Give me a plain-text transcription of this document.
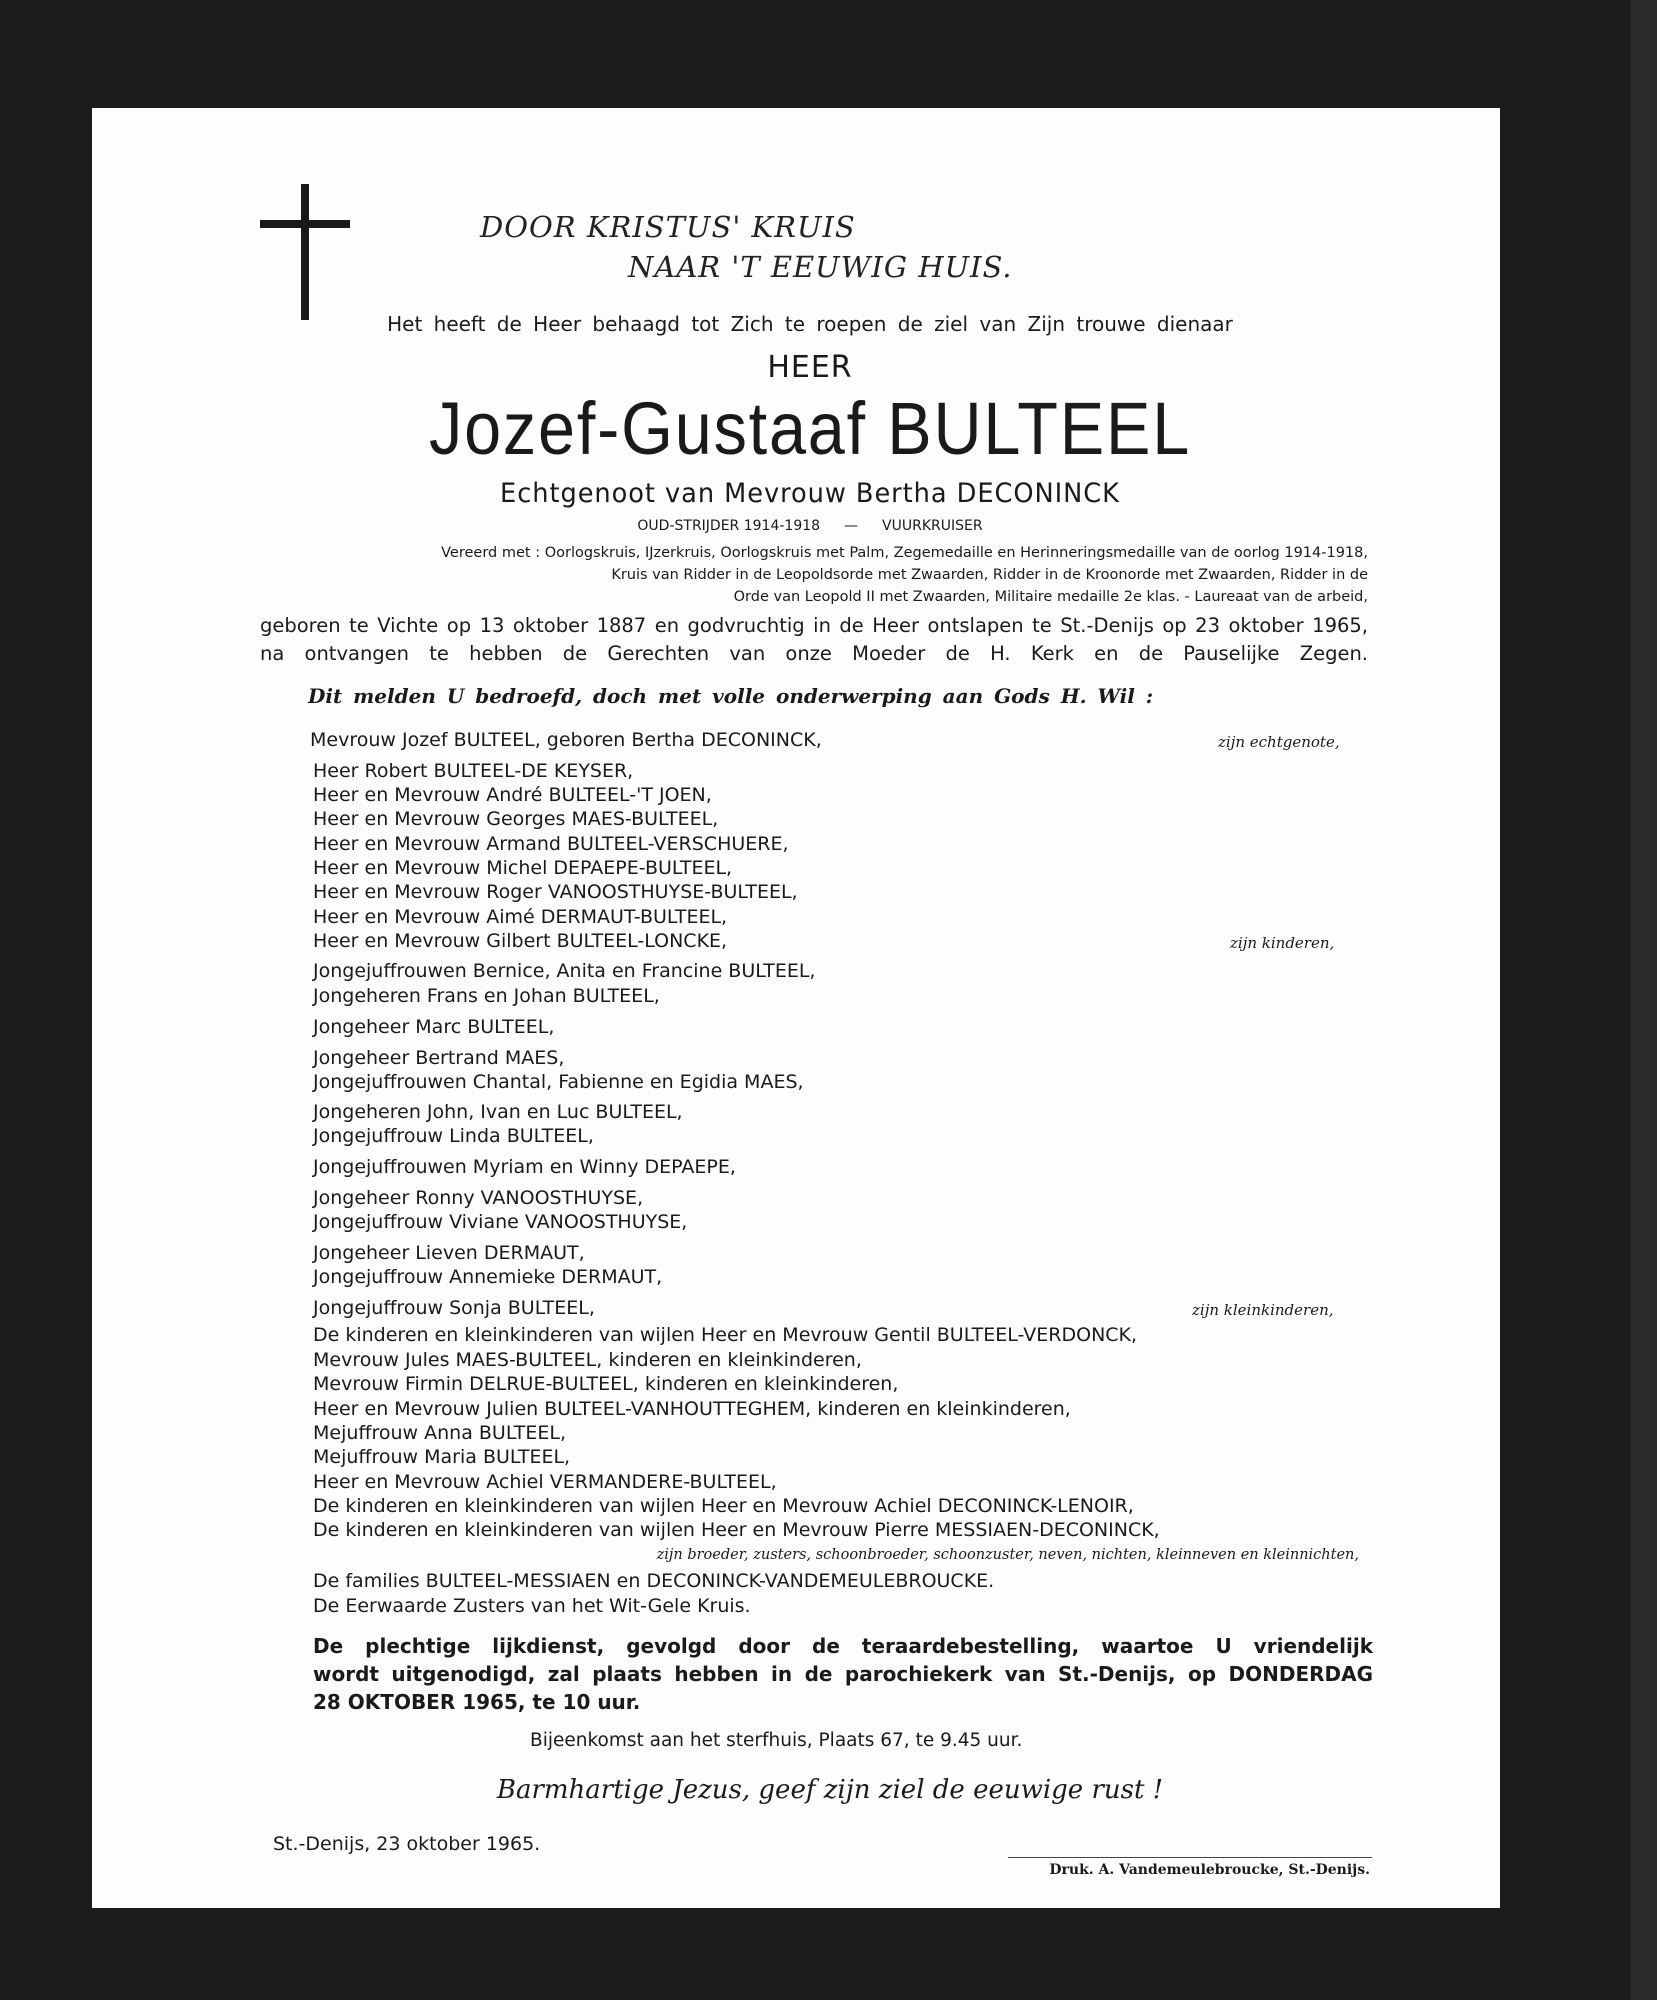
DOOR KRISTUS' KRUIS
NAAR 'T EEUWIG HUIS.
Het heeft de Heer behaagd tot Zich te roepen de ziel van Zijn trouwe dienaar
HEER
Jozef-Gustaaf BULTEEL
Echtgenoot van Mevrouw Bertha DECONINCK
OUD-STRIJDER 1914-1918 — VUURKRUISER
Vereerd met : Oorlogskruis, IJzerkruis, Oorlogskruis met Palm, Zegemedaille en Herinneringsmedaille van de oorlog 1914-1918,
Kruis van Ridder in de Leopoldsorde met Zwaarden, Ridder in de Kroonorde met Zwaarden, Ridder in de
Orde van Leopold II met Zwaarden, Militaire medaille 2e klas. - Laureaat van de arbeid,
geboren te Vichte op 13 oktober 1887 en godvruchtig in de Heer ontslapen te St.-Denijs op 23 oktober 1965,
na ontvangen te hebben de Gerechten van onze Moeder de H. Kerk en de Pauselijke Zegen.
Dit melden U bedroefd, doch met volle onderwerping aan Gods H. Wil :
Mevrouw Jozef BULTEEL, geboren Bertha DECONINCK,	zijn echtgenote,
Heer Robert BULTEEL-DE KEYSER,
Heer en Mevrouw André BULTEEL-'T JOEN,
Heer en Mevrouw Georges MAES-BULTEEL,
Heer en Mevrouw Armand BULTEEL-VERSCHUERE,
Heer en Mevrouw Michel DEPAEPE-BULTEEL,
Heer en Mevrouw Roger VANOOSTHUYSE-BULTEEL,
Heer en Mevrouw Aimé DERMAUT-BULTEEL,
Heer en Mevrouw Gilbert BULTEEL-LONCKE,	zijn kinderen,
Jongejuffrouwen Bernice, Anita en Francine BULTEEL,
Jongeheren Frans en Johan BULTEEL,
Jongeheer Marc BULTEEL,
Jongeheer Bertrand MAES,
Jongejuffrouwen Chantal, Fabienne en Egidia MAES,
Jongeheren John, Ivan en Luc BULTEEL,
Jongejuffrouw Linda BULTEEL,
Jongejuffrouwen Myriam en Winny DEPAEPE,
Jongeheer Ronny VANOOSTHUYSE,
Jongejuffrouw Viviane VANOOSTHUYSE,
Jongeheer Lieven DERMAUT,
Jongejuffrouw Annemieke DERMAUT,
Jongejuffrouw Sonja BULTEEL,	zijn kleinkinderen,
De kinderen en kleinkinderen van wijlen Heer en Mevrouw Gentil BULTEEL-VERDONCK,
Mevrouw Jules MAES-BULTEEL, kinderen en kleinkinderen,
Mevrouw Firmin DELRUE-BULTEEL, kinderen en kleinkinderen,
Heer en Mevrouw Julien BULTEEL-VANHOUTTEGHEM, kinderen en kleinkinderen,
Mejuffrouw Anna BULTEEL,
Mejuffrouw Maria BULTEEL,
Heer en Mevrouw Achiel VERMANDERE-BULTEEL,
De kinderen en kleinkinderen van wijlen Heer en Mevrouw Achiel DECONINCK-LENOIR,
De kinderen en kleinkinderen van wijlen Heer en Mevrouw Pierre MESSIAEN-DECONINCK,
zijn broeder, zusters, schoonbroeder, schoonzuster, neven, nichten, kleinneven en kleinnichten,
De families BULTEEL-MESSIAEN en DECONINCK-VANDEMEULEBROUCKE.
De Eerwaarde Zusters van het Wit-Gele Kruis.
De plechtige lijkdienst, gevolgd door de teraardebestelling, waartoe U vriendelijk
wordt uitgenodigd, zal plaats hebben in de parochiekerk van St.-Denijs, op DONDERDAG
28 OKTOBER 1965, te 10 uur.
Bijeenkomst aan het sterfhuis, Plaats 67, te 9.45 uur.
Barmhartige Jezus, geef zijn ziel de eeuwige rust !
St.-Denijs, 23 oktober 1965.
Druk. A. Vandemeulebroucke, St.-Denijs.
